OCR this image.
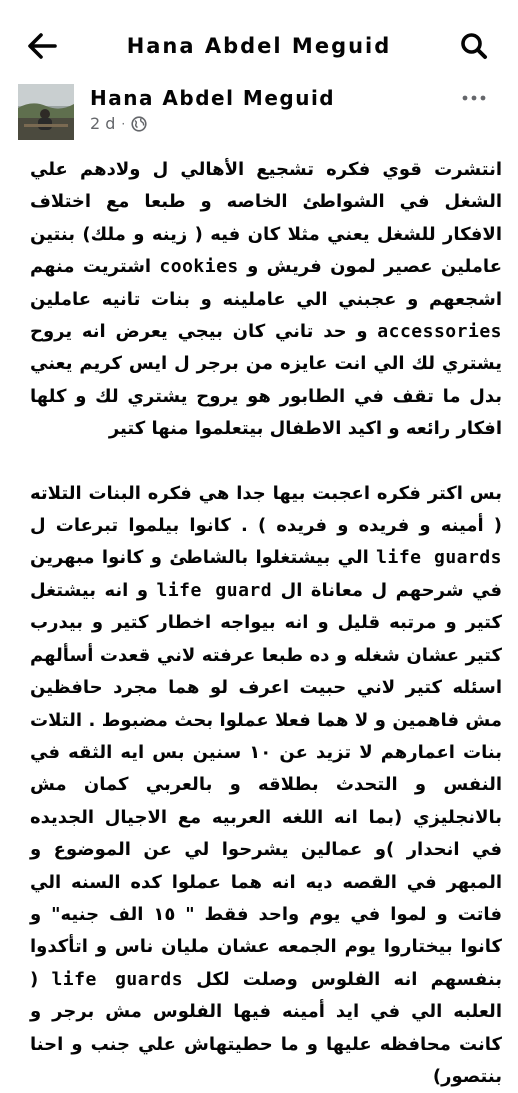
Hana Abdel Meguid
Hana Abdel Meguid
2 d ·

انتشرت قوي فكره تشجيع الأهالي ل ولادهم علي الشغل في الشواطئ الخاصه و طبعا مع اختلاف الافكار للشغل يعني مثلا كان فيه ( زينه و ملك) بنتين عاملين عصير لمون فريش و cookies اشتريت منهم اشجعهم و عجبني الي عاملينه و بنات تانيه عاملين accessories و حد تاني كان بيجي يعرض انه يروح يشتري لك الي انت عايزه من برجر ل ايس كريم يعني بدل ما تقف في الطابور هو يروح يشتري لك و كلها افكار رائعه و اكيد الاطفال بيتعلموا منها كتير

بس اكتر فكره اعجبت بيها جدا هي فكره البنات التلاته ( أمينه و فريده و فريده ) . كانوا بيلموا تبرعات ل life guards الي بيشتغلوا بالشاطئ و كانوا مبهرين في شرحهم ل معاناة ال life guard و انه بيشتغل كتير و مرتبه قليل و انه بيواجه اخطار كتير و بيدرب كتير عشان شغله و ده طبعا عرفته لاني قعدت أسألهم اسئله كتير لاني حبيت اعرف لو هما مجرد حافظين مش فاهمين و لا هما فعلا عملوا بحث مضبوط . التلات بنات اعمارهم لا تزيد عن ١٠ سنين بس ايه الثقه في النفس و التحدث بطلاقه و بالعربي كمان مش بالانجليزي (بما انه اللغه العربيه مع الاجيال الجديده في انحدار )و عمالين يشرحوا لي عن الموضوع و المبهر في القصه ديه انه هما عملوا كده السنه الي فاتت و لموا في يوم واحد فقط " ١٥ الف جنيه" و كانوا بيختاروا يوم الجمعه عشان مليان ناس و اتأكدوا بنفسهم انه الفلوس وصلت لكل life guards ( العلبه الي في ايد أمينه فيها الفلوس مش برجر و كانت محافظه عليها و ما حطيتهاش علي جنب و احنا بنتصور)
